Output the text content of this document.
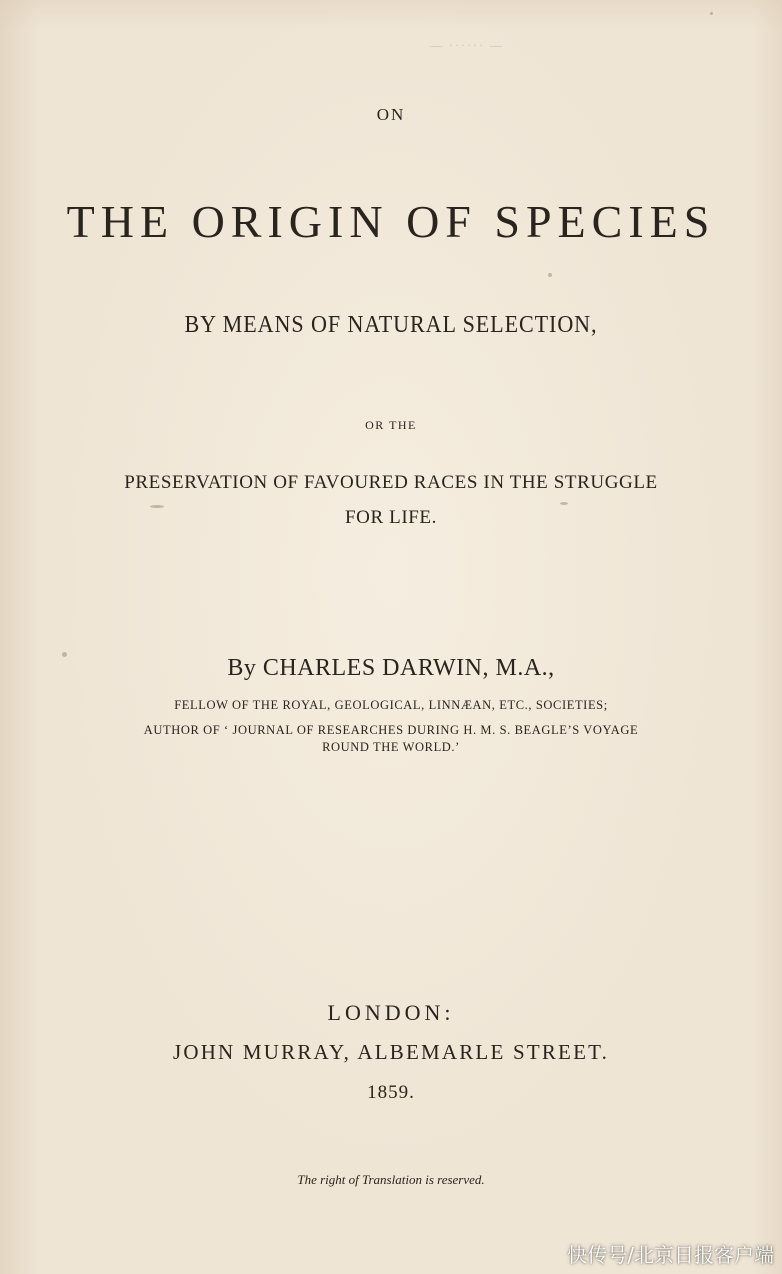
— ······ —
ON
THE ORIGIN OF SPECIES
BY MEANS OF NATURAL SELECTION,
OR THE
PRESERVATION OF FAVOURED RACES IN THE STRUGGLE
FOR LIFE.
By CHARLES DARWIN, M.A.,
FELLOW OF THE ROYAL, GEOLOGICAL, LINNÆAN, ETC., SOCIETIES;
AUTHOR OF ‘ JOURNAL OF RESEARCHES DURING H. M. S. BEAGLE’S VOYAGE
ROUND THE WORLD.’
LONDON:
JOHN MURRAY, ALBEMARLE STREET.
1859.
The right of Translation is reserved.
快传号/北京日报客户端
